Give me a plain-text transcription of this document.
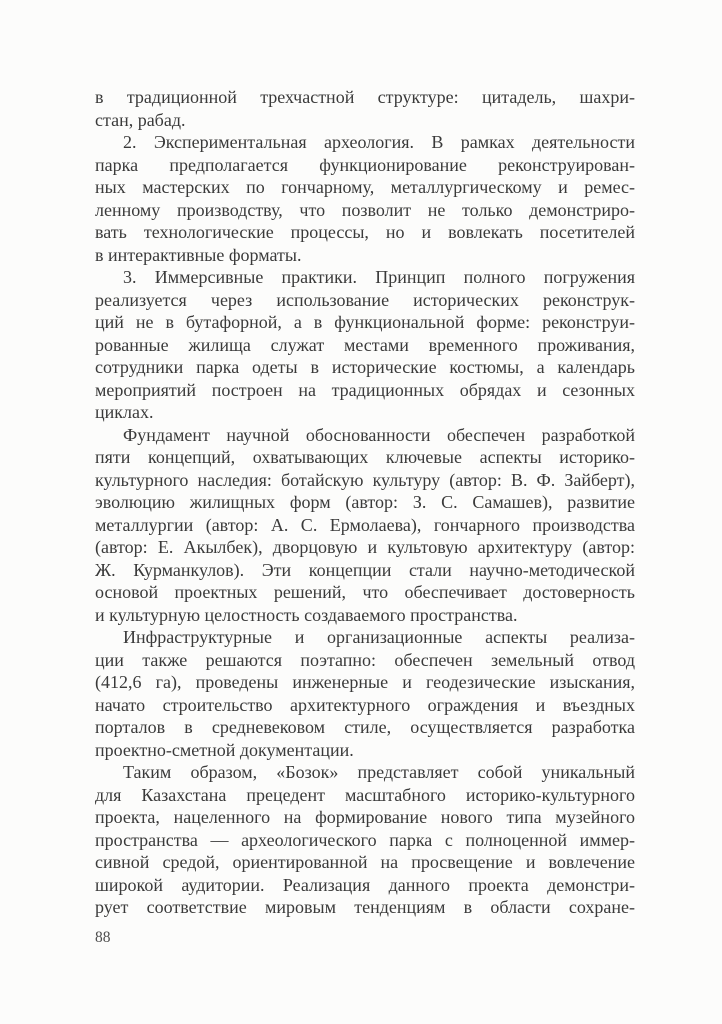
в традиционной трехчастной структуре: цитадель, шахри-
стан, рабад.

2. Экспериментальная археология. В рамках деятельности
парка предполагается функционирование реконструирован-
ных мастерских по гончарному, металлургическому и ремес-
ленному производству, что позволит не только демонстриро-
вать технологические процессы, но и вовлекать посетителей
в интерактивные форматы.

3. Иммерсивные практики. Принцип полного погружения
реализуется через использование исторических реконструк-
ций не в бутафорной, а в функциональной форме: реконструи-
рованные жилища служат местами временного проживания,
сотрудники парка одеты в исторические костюмы, а календарь
мероприятий построен на традиционных обрядах и сезонных
циклах.

Фундамент научной обоснованности обеспечен разработкой
пяти концепций, охватывающих ключевые аспекты историко-
культурного наследия: ботайскую культуру (автор: В. Ф. Зайберт),
эволюцию жилищных форм (автор: З. С. Самашев), развитие
металлургии (автор: А. С. Ермолаева), гончарного производства
(автор: Е. Акылбек), дворцовую и культовую архитектуру (автор:
Ж. Курманкулов). Эти концепции стали научно-методической
основой проектных решений, что обеспечивает достоверность
и культурную целостность создаваемого пространства.

Инфраструктурные и организационные аспекты реализа-
ции также решаются поэтапно: обеспечен земельный отвод
(412,6 га), проведены инженерные и геодезические изыскания,
начато строительство архитектурного ограждения и въездных
порталов в средневековом стиле, осуществляется разработка
проектно-сметной документации.

Таким образом, «Бозок» представляет собой уникальный
для Казахстана прецедент масштабного историко-культурного
проекта, нацеленного на формирование нового типа музейного
пространства — археологического парка с полноценной иммер-
сивной средой, ориентированной на просвещение и вовлечение
широкой аудитории. Реализация данного проекта демонстри-
рует соответствие мировым тенденциям в области сохране-

88
